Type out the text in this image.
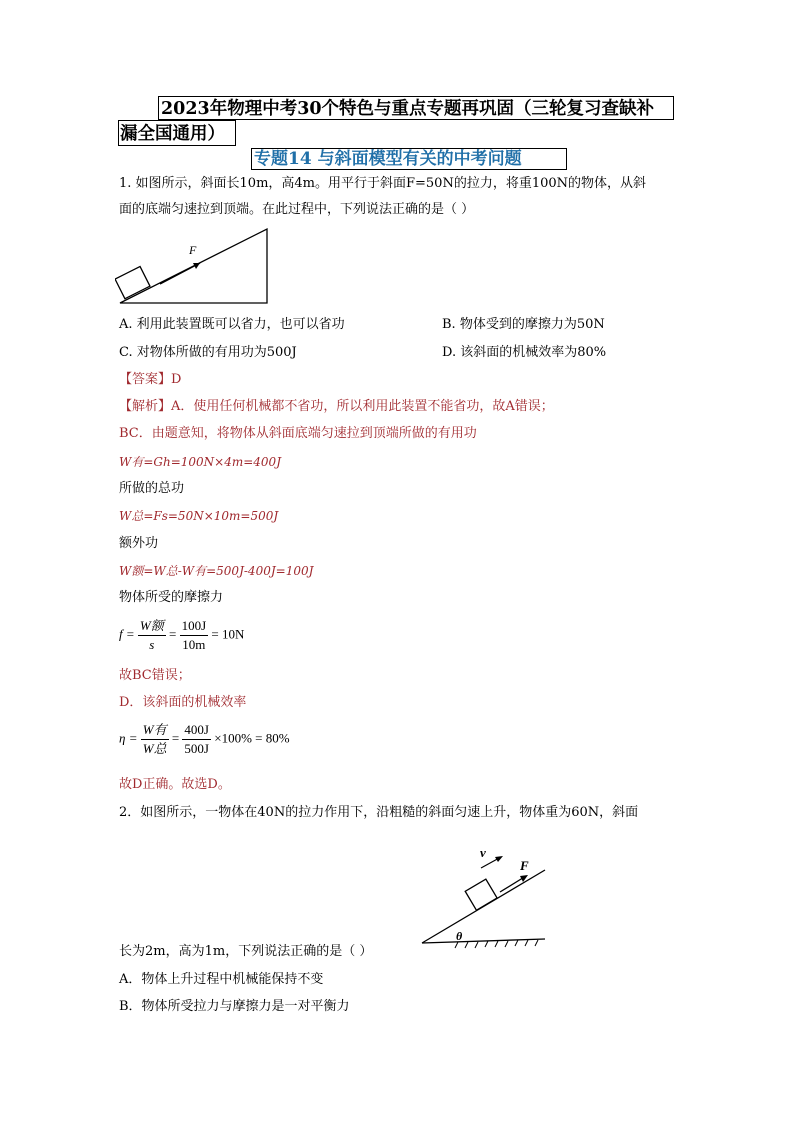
2023年物理中考30个特色与重点专题再巩固（三轮复习查缺补
漏全国通用）
专题14 与斜面模型有关的中考问题
1. 如图所示，斜面长10m，高4m。用平行于斜面F=50N的拉力，将重100N的物体，从斜
面的底端匀速拉到顶端。在此过程中，下列说法正确的是（ ）
F
A. 利用此装置既可以省力，也可以省功	B. 物体受到的摩擦力为50N
C. 对物体所做的有用功为500J	D. 该斜面的机械效率为80%
【答案】D
【解析】A．使用任何机械都不省功，所以利用此装置不能省功，故A错误；
BC．由题意知，将物体从斜面底端匀速拉到顶端所做的有用功
W有=Gh=100N×4m=400J
所做的总功
W总=Fs=50N×10m=500J
额外功
W额=W总-W有=500J-400J=100J
物体所受的摩擦力
$f = \frac{\text{W额}}{s} = \frac{100J}{10m} = 10N$
故BC错误；
D．该斜面的机械效率
$\eta = \frac{\text{W有}}{\text{W总}} = \frac{400J}{500J} \times 100\% = 80\%$
故D正确。故选D。
2．如图所示，一物体在40N的拉力作用下，沿粗糙的斜面匀速上升，物体重为60N，斜面
v
F
θ
长为2m，高为1m，下列说法正确的是（ ）
A．物体上升过程中机械能保持不变
B．物体所受拉力与摩擦力是一对平衡力
